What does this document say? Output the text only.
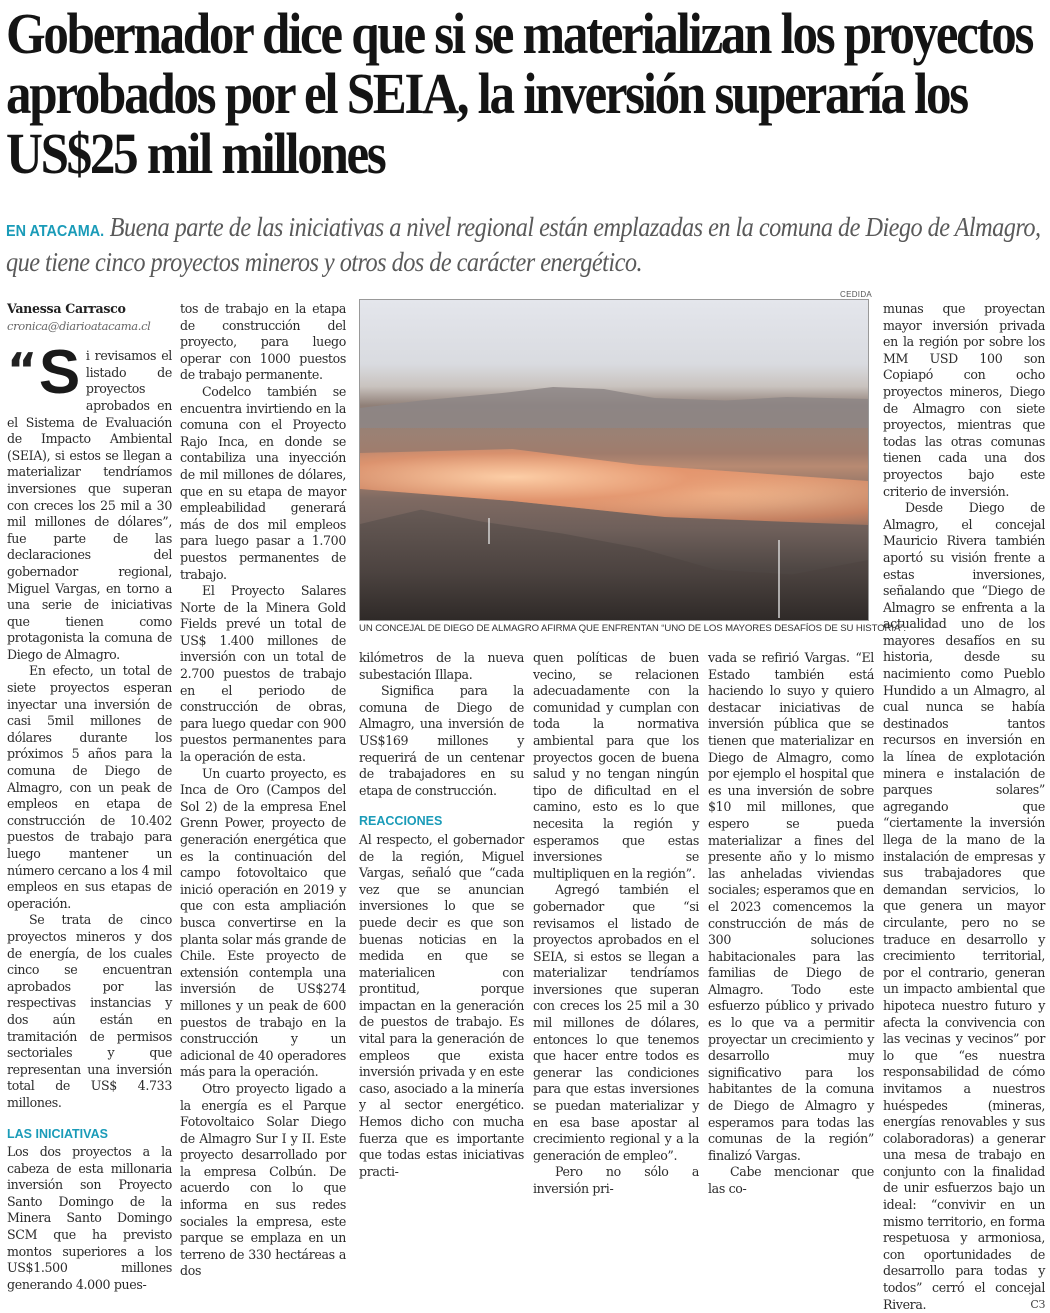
Gobernador dice que si se materializan los proyectos aprobados por el SEIA, la inversión superaría los US$25 mil millones
EN ATACAMA. Buena parte de las iniciativas a nivel regional están emplazadas en la comuna de Diego de Almagro, que tiene cinco proyectos mineros y otros dos de carácter energético.
Vanessa Carrasco
cronica@diarioatacama.cl

“ S i revisamos el listado de proyectos aprobados en el Sistema de Evaluación de Impacto Ambiental (SEIA), si estos se llegan a materializar tendríamos inversiones que superan con creces los 25 mil a 30 mil millones de dólares”, fue parte de las declaraciones del gobernador regional, Miguel Vargas, en torno a una serie de iniciativas que tienen como protagonista la comuna de Diego de Almagro.

En efecto, un total de siete proyectos esperan inyectar una inversión de casi 5mil millones de dólares durante los próximos 5 años para la comuna de Diego de Almagro, con un peak de empleos en etapa de construcción de 10.402 puestos de trabajo para luego mantener un número cercano a los 4 mil empleos en sus etapas de operación.

Se trata de cinco proyectos mineros y dos de energía, de los cuales cinco se encuentran aprobados por las respectivas instancias y dos aún están en tramitación de permisos sectoriales y que representan una inversión total de US$ 4.733 millones.

LAS INICIATIVAS

Los dos proyectos a la cabeza de esta millonaria inversión son Proyecto Santo Domingo de la Minera Santo Domingo SCM que ha previsto montos superiores a los US$1.500 millones generando 4.000 pues-

tos de trabajo en la etapa de construcción del proyecto, para luego operar con 1000 puestos de trabajo permanente.

Codelco también se encuentra invirtiendo en la comuna con el Proyecto Rajo Inca, en donde se contabiliza una inyección de mil millones de dólares, que en su etapa de mayor empleabilidad generará más de dos mil empleos para luego pasar a 1.700 puestos permanentes de trabajo.

El Proyecto Salares Norte de la Minera Gold Fields prevé un total de US$ 1.400 millones de inversión con un total de 2.700 puestos de trabajo en el periodo de construcción de obras, para luego quedar con 900 puestos permanentes para la operación de esta.

Un cuarto proyecto, es Inca de Oro (Campos del Sol 2) de la empresa Enel Grenn Power, proyecto de generación energética que es la continuación del campo fotovoltaico que inició operación en 2019 y que con esta ampliación busca convertirse en la planta solar más grande de Chile. Este proyecto de extensión contempla una inversión de US$274 millones y un peak de 600 puestos de trabajo en la construcción y un adicional de 40 operadores más para la operación.

Otro proyecto ligado a la energía es el Parque Fotovoltaico Solar Diego de Almagro Sur I y II. Este proyecto desarrollado por la empresa Colbún. De acuerdo con lo que informa en sus redes sociales la empresa, este parque se emplaza en un terreno de 330 hectáreas a dos

CEDIDA
UN CONCEJAL DE DIEGO DE ALMAGRO AFIRMA QUE ENFRENTAN “UNO DE LOS MAYORES DESAFÍOS DE SU HISTORIA”.

kilómetros de la nueva subestación Illapa.

Significa para la comuna de Diego de Almagro, una inversión de US$169 millones y requerirá de un centenar de trabajadores en su etapa de construcción.

REACCIONES

Al respecto, el gobernador de la región, Miguel Vargas, señaló que “cada vez que se anuncian inversiones lo que se puede decir es que son buenas noticias en la medida en que se materialicen con prontitud, porque impactan en la generación de puestos de trabajo. Es vital para la generación de empleos que exista inversión privada y en este caso, asociado a la minería y al sector energético. Hemos dicho con mucha fuerza que es importante que todas estas iniciativas practi-

quen políticas de buen vecino, se relacionen adecuadamente con la comunidad y cumplan con toda la normativa ambiental para que los proyectos gocen de buena salud y no tengan ningún tipo de dificultad en el camino, esto es lo que necesita la región y esperamos que estas inversiones se multipliquen en la región”.

Agregó también el gobernador que “si revisamos el listado de proyectos aprobados en el SEIA, si estos se llegan a materializar tendríamos inversiones que superan con creces los 25 mil a 30 mil millones de dólares, entonces lo que tenemos que hacer entre todos es generar las condiciones para que estas inversiones se puedan materializar y en esa base apostar al crecimiento regional y a la generación de empleo”.

Pero no sólo a inversión pri-

vada se refirió Vargas. “El Estado también está haciendo lo suyo y quiero destacar iniciativas de inversión pública que se tienen que materializar en Diego de Almagro, como por ejemplo el hospital que es una inversión de sobre $10 mil millones, que espero se pueda materializar a fines del presente año y lo mismo las anheladas viviendas sociales; esperamos que en el 2023 comencemos la construcción de más de 300 soluciones habitacionales para las familias de Diego de Almagro. Todo este esfuerzo público y privado es lo que va a permitir proyectar un crecimiento y desarrollo muy significativo para los habitantes de la comuna de Diego de Almagro y esperamos para todas las comunas de la región” finalizó Vargas.

Cabe mencionar que las co-

munas que proyectan mayor inversión privada en la región por sobre los MM USD 100 son Copiapó con ocho proyectos mineros, Diego de Almagro con siete proyectos, mientras que todas las otras comunas tienen cada una dos proyectos bajo este criterio de inversión.

Desde Diego de Almagro, el concejal Mauricio Rivera también aportó su visión frente a estas inversiones, señalando que “Diego de Almagro se enfrenta a la actualidad uno de los mayores desafíos en su historia, desde su nacimiento como Pueblo Hundido a un Almagro, al cual nunca se había destinados tantos recursos en inversión en la línea de explotación minera e instalación de parques solares” agregando que “ciertamente la inversión llega de la mano de la instalación de empresas y sus trabajadores que demandan servicios, lo que genera un mayor circulante, pero no se traduce en desarrollo y crecimiento territorial, por el contrario, generan un impacto ambiental que hipoteca nuestro futuro y afecta la convivencia con las vecinas y vecinos” por lo que “es nuestra responsabilidad de cómo invitamos a nuestros huéspedes (mineras, energías renovables y sus colaboradoras) a generar una mesa de trabajo en conjunto con la finalidad de unir esfuerzos bajo un ideal: “convivir en un mismo territorio, en forma respetuosa y armoniosa, con oportunidades de desarrollo para todas y todos” cerró el concejal Rivera.	CЗ
